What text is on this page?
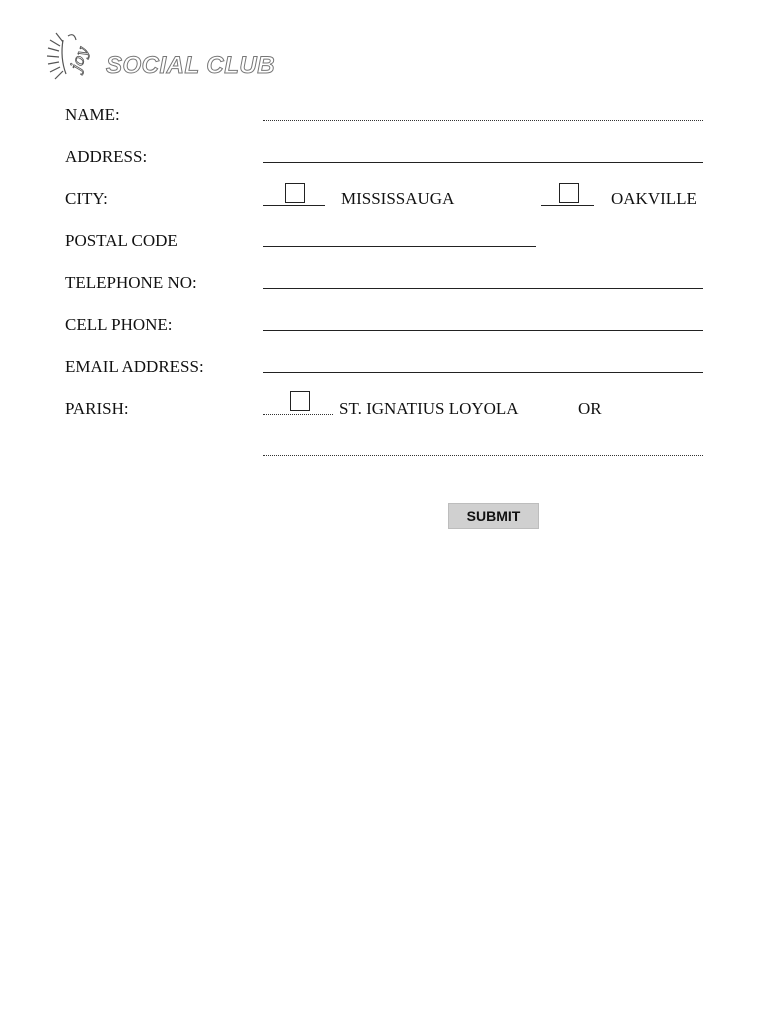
joy SOCIAL CLUB
NAME:
ADDRESS:
CITY:	MISSISSAUGA	OAKVILLE
POSTAL CODE
TELEPHONE NO:
CELL PHONE:
EMAIL ADDRESS:
PARISH:	ST. IGNATIUS LOYOLA	OR
SUBMIT
